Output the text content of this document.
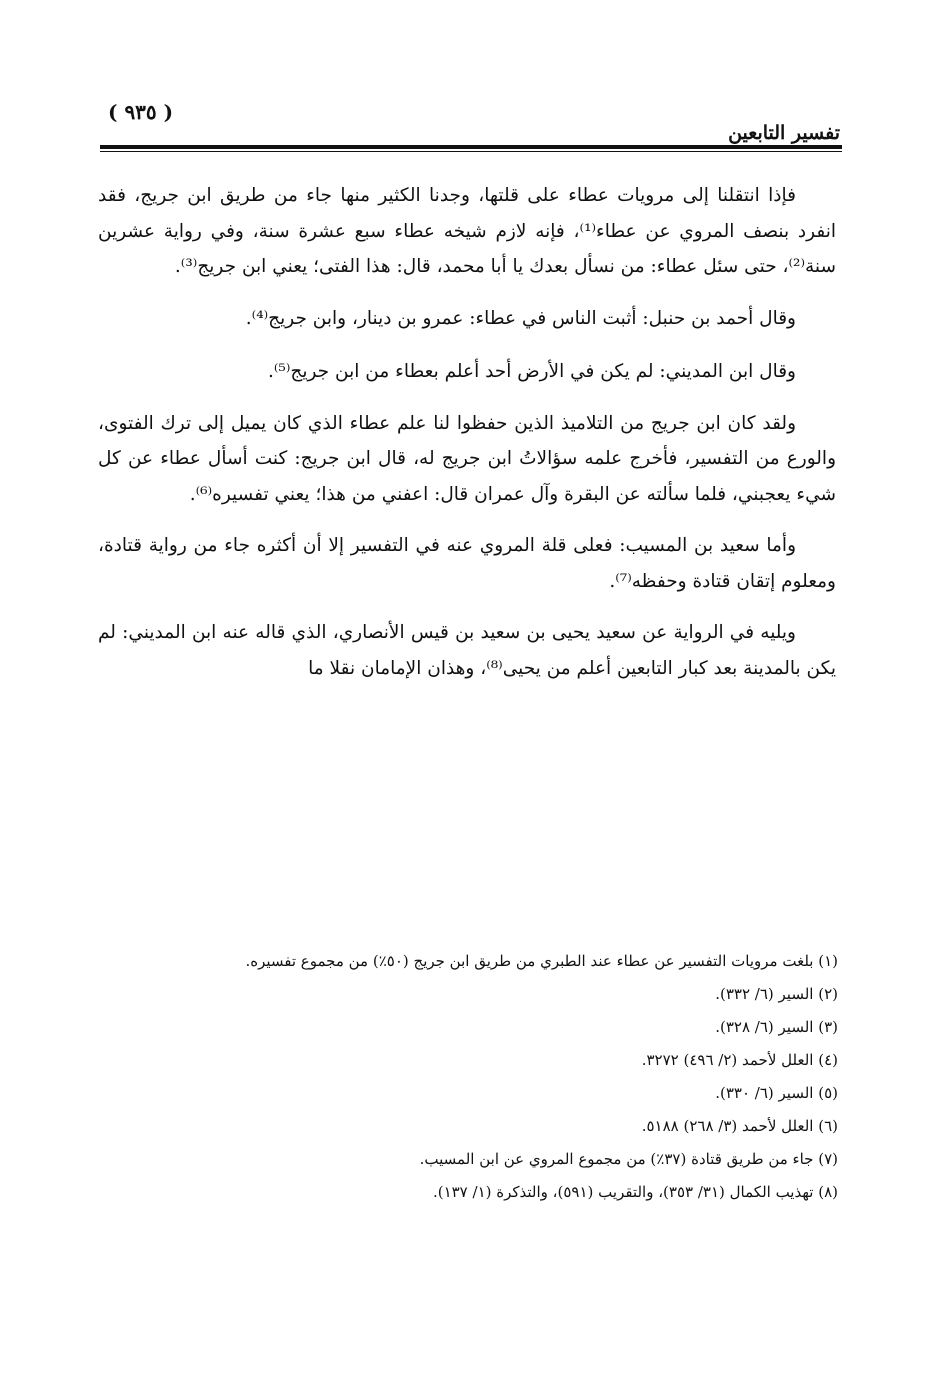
تفسير التابعين
( ٩٣٥ )

فإذا انتقلنا إلى مرويات عطاء على قلتها، وجدنا الكثير منها جاء من طريق ابن جريج، فقد انفرد بنصف المروي عن عطاء⁽¹⁾، فإنه لازم شيخه عطاء سبع عشرة سنة، وفي رواية عشرين سنة⁽²⁾، حتى سئل عطاء: من نسأل بعدك يا أبا محمد، قال: هذا الفتى؛ يعني ابن جريج⁽³⁾.

وقال أحمد بن حنبل: أثبت الناس في عطاء: عمرو بن دينار، وابن جريج⁽⁴⁾.

وقال ابن المديني: لم يكن في الأرض أحد أعلم بعطاء من ابن جريج⁽⁵⁾.

ولقد كان ابن جريج من التلاميذ الذين حفظوا لنا علم عطاء الذي كان يميل إلى ترك الفتوى، والورع من التفسير، فأخرج علمه سؤالاتُ ابن جريج له، قال ابن جريج: كنت أسأل عطاء عن كل شيء يعجبني، فلما سألته عن البقرة وآل عمران قال: اعفني من هذا؛ يعني تفسيره⁽⁶⁾.

وأما سعيد بن المسيب: فعلى قلة المروي عنه في التفسير إلا أن أكثره جاء من رواية قتادة، ومعلوم إتقان قتادة وحفظه⁽⁷⁾.

ويليه في الرواية عن سعيد يحيى بن سعيد بن قيس الأنصاري، الذي قاله عنه ابن المديني: لم يكن بالمدينة بعد كبار التابعين أعلم من يحيى⁽⁸⁾، وهذان الإمامان نقلا ما

(١) بلغت مرويات التفسير عن عطاء عند الطبري من طريق ابن جريج (٥٠٪) من مجموع تفسيره.

(٢) السير (٦/ ٣٣٢).

(٣) السير (٦/ ٣٢٨).

(٤) العلل لأحمد (٢/ ٤٩٦) ٣٢٧٢.

(٥) السير (٦/ ٣٣٠).

(٦) العلل لأحمد (٣/ ٢٦٨) ٥١٨٨.

(٧) جاء من طريق قتادة (٣٧٪) من مجموع المروي عن ابن المسيب.

(٨) تهذيب الكمال (٣١/ ٣٥٣)، والتقريب (٥٩١)، والتذكرة (١/ ١٣٧).
